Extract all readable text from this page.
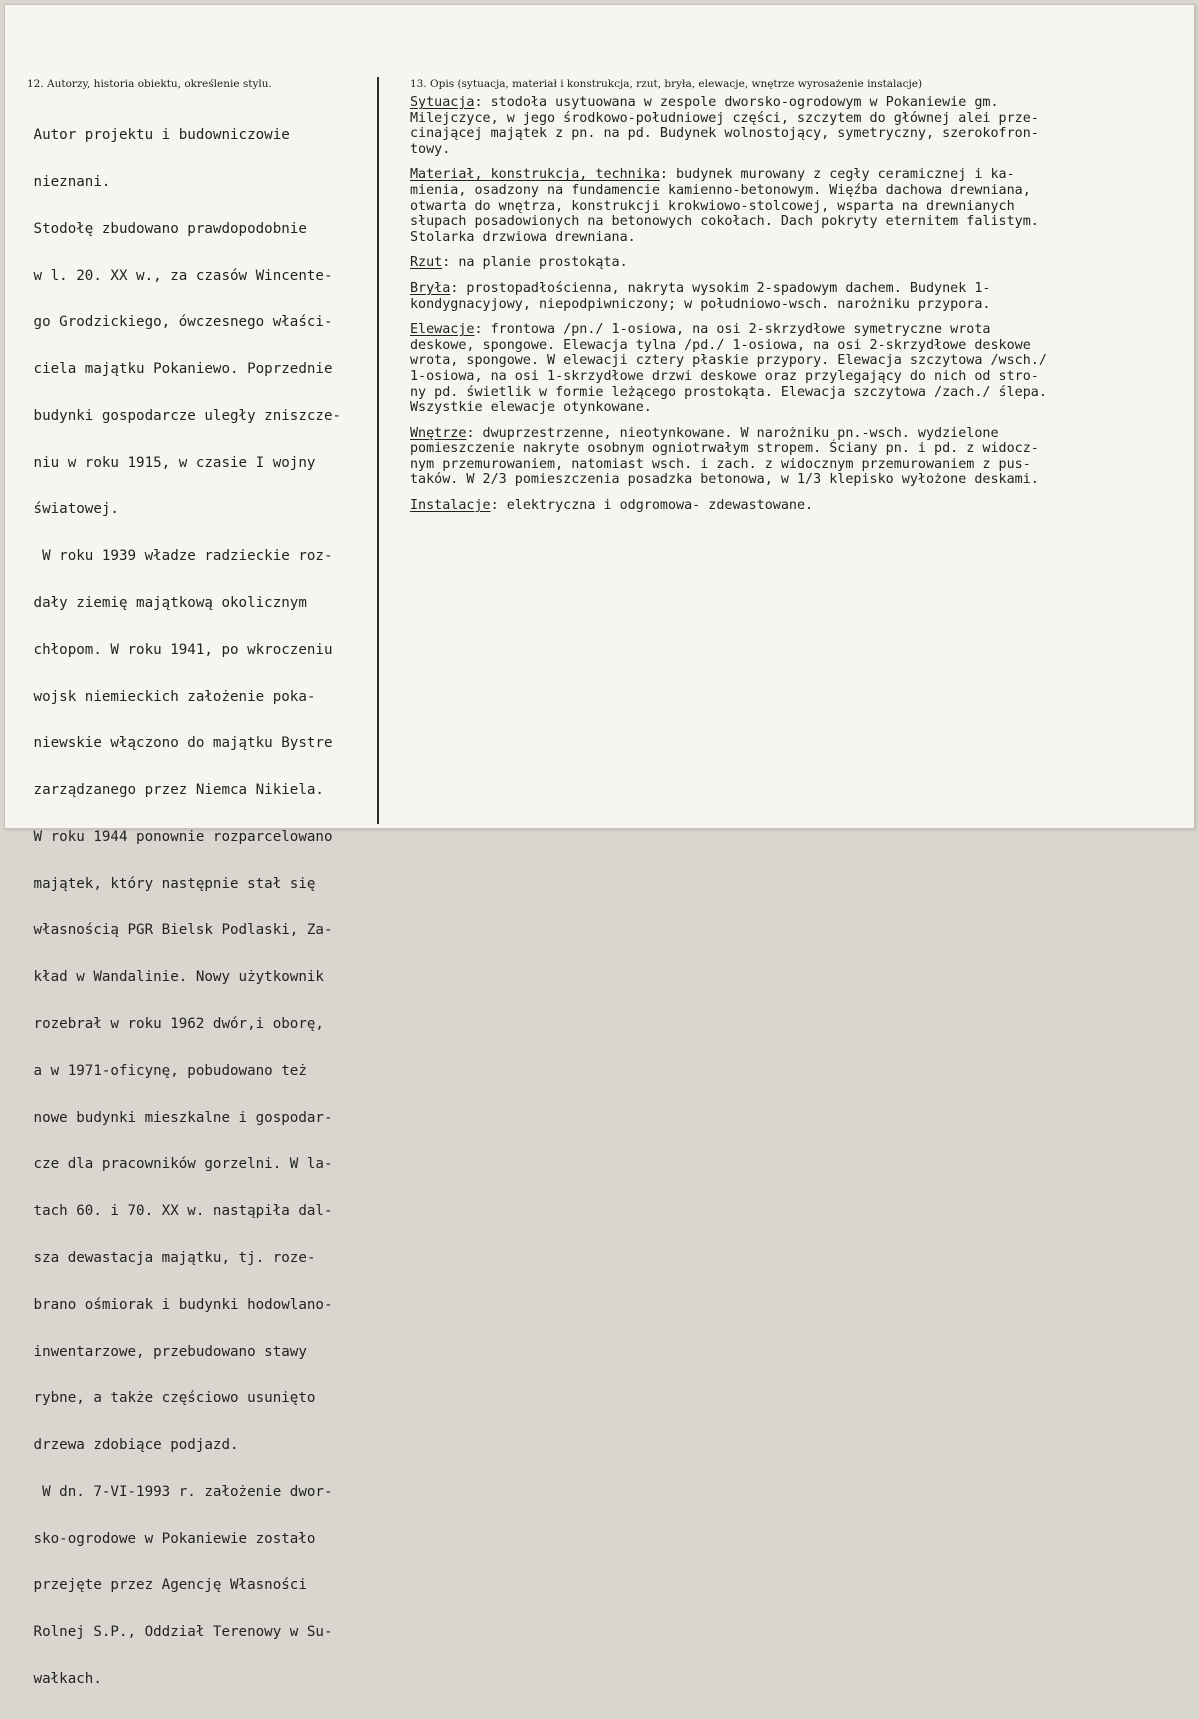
12. Autorzy, historia obiektu, określenie stylu.	13. Opis (sytuacja, materiał i konstrukcja, rzut, bryła, elewacje, wnętrze wyrosażenie instalacje)

Autor projektu i budowniczowie

nieznani.

Stodołę zbudowano prawdopodobnie

w l. 20. XX w., za czasów Wincente-

go Grodzickiego, ówczesnego właści-

ciela majątku Pokaniewo. Poprzednie

budynki gospodarcze uległy zniszcze-

niu w roku 1915, w czasie I wojny

światowej.

W roku 1939 władze radzieckie roz-

dały ziemię majątkową okolicznym

chłopom. W roku 1941, po wkroczeniu

wojsk niemieckich założenie poka-

niewskie włączono do majątku Bystre

zarządzanego przez Niemca Nikiela.

W roku 1944 ponownie rozparcelowano

majątek, który następnie stał się

własnością PGR Bielsk Podlaski, Za-

kład w Wandalinie. Nowy użytkownik

rozebrał w roku 1962 dwór,i oborę,

a w 1971-oficynę, pobudowano też

nowe budynki mieszkalne i gospodar-

cze dla pracowników gorzelni. W la-

tach 60. i 70. XX w. nastąpiła dal-

sza dewastacja majątku, tj. roze-

brano ośmiorak i budynki hodowlano-

inwentarzowe, przebudowano stawy

rybne, a także częściowo usunięto

drzewa zdobiące podjazd.

W dn. 7-VI-1993 r. założenie dwor-

sko-ogrodowe w Pokaniewie zostało

przejęte przez Agencję Własności

Rolnej S.P., Oddział Terenowy w Su-

wałkach.

Sytuacja: stodoła usytuowana w zespole dworsko-ogrodowym w Pokaniewie gm.
Milejczyce, w jego środkowo-południowej części, szczytem do głównej alei prze-
cinającej majątek z pn. na pd. Budynek wolnostojący, symetryczny, szerokofron-
towy.
Materiał, konstrukcja, technika: budynek murowany z cegły ceramicznej i ka-
mienia, osadzony na fundamencie kamienno-betonowym. Więźba dachowa drewniana,
otwarta do wnętrza, konstrukcji krokwiowo-stolcowej, wsparta na drewnianych
słupach posadowionych na betonowych cokołach. Dach pokryty eternitem falistym.
Stolarka drzwiowa drewniana.
Rzut: na planie prostokąta.
Bryła: prostopadłościenna, nakryta wysokim 2-spadowym dachem. Budynek 1-
kondygnacyjowy, niepodpiwniczony; w południowo-wsch. narożniku przypora.
Elewacje: frontowa /pn./ 1-osiowa, na osi 2-skrzydłowe symetryczne wrota
deskowe, spongowe. Elewacja tylna /pd./ 1-osiowa, na osi 2-skrzydłowe deskowe
wrota, spongowe. W elewacji cztery płaskie przypory. Elewacja szczytowa /wsch./
1-osiowa, na osi 1-skrzydłowe drzwi deskowe oraz przylegający do nich od stro-
ny pd. świetlik w formie leżącego prostokąta. Elewacja szczytowa /zach./ ślepa.
Wszystkie elewacje otynkowane.
Wnętrze: dwuprzestrzenne, nieotynkowane. W narożniku pn.-wsch. wydzielone
pomieszczenie nakryte osobnym ogniotrwałym stropem. Ściany pn. i pd. z widocz-
nym przemurowaniem, natomiast wsch. i zach. z widocznym przemurowaniem z pus-
taków. W 2/3 pomieszczenia posadzka betonowa, w 1/3 klepisko wyłożone deskami.
Instalacje: elektryczna i odgromowa- zdewastowane.
